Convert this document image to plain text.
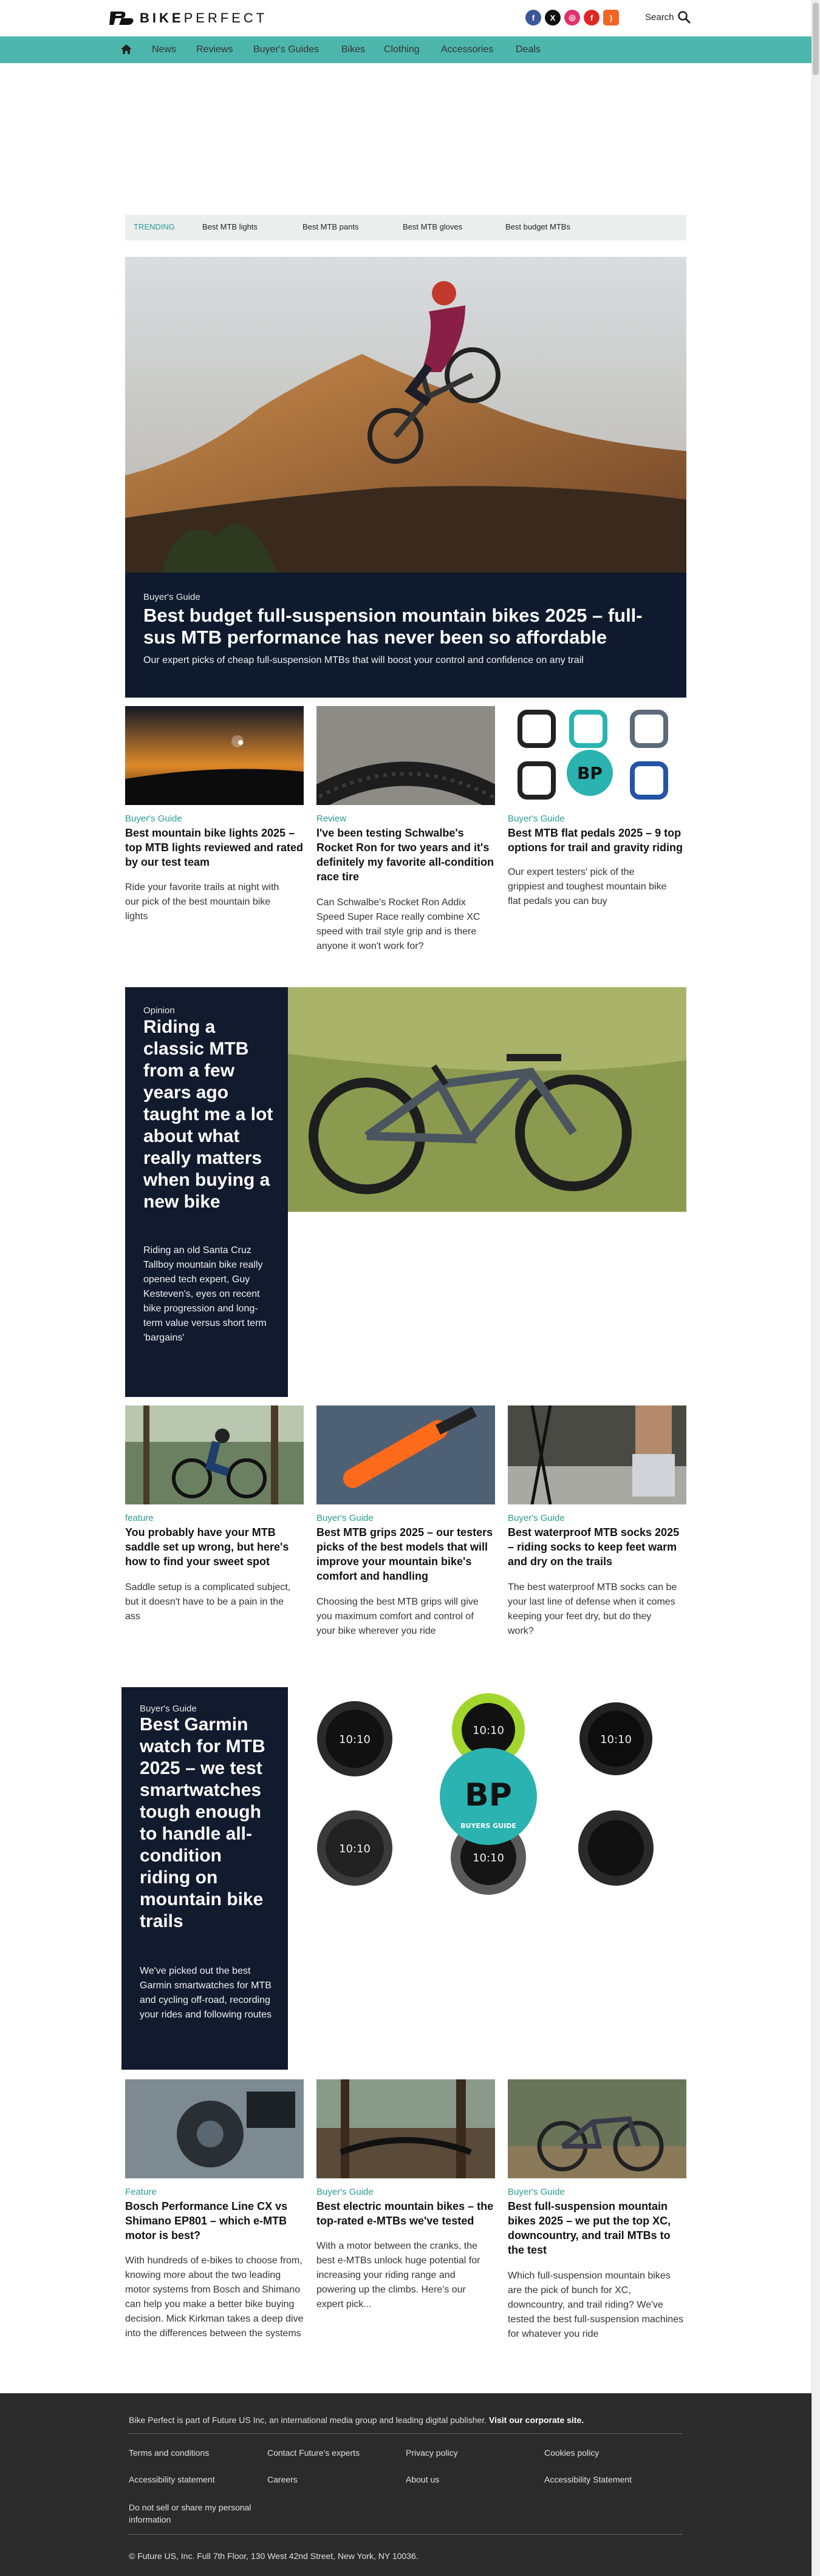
BIKEPERFECT	f X ◎ f )	Search
News Reviews Buyer's Guides Bikes Clothing Accessories Deals
TRENDING	Best MTB lights	Best MTB pants	Best MTB gloves	Best budget MTBs
Buyer's Guide
Best budget full-suspension mountain bikes 2025 – full-sus MTB performance has never been so affordable
Our expert picks of cheap full-suspension MTBs that will boost your control and confidence on any trail
BP
Buyer's Guide
Best mountain bike lights 2025 – top MTB lights reviewed and rated by our test team
Ride your favorite trails at night with our pick of the best mountain bike lights
Review
I've been testing Schwalbe's Rocket Ron for two years and it's definitely my favorite all-condition race tire
Can Schwalbe's Rocket Ron Addix Speed Super Race really combine XC speed with trail style grip and is there anyone it won't work for?
Buyer's Guide
Best MTB flat pedals 2025 – 9 top options for trail and gravity riding
Our expert testers' pick of the grippiest and toughest mountain bike flat pedals you can buy
Opinion
Riding a classic MTB from a few years ago taught me a lot about what really matters when buying a new bike
Riding an old Santa Cruz Tallboy mountain bike really opened tech expert, Guy Kesteven's, eyes on recent bike progression and long-term value versus short term 'bargains'
feature
You probably have your MTB saddle set up wrong, but here's how to find your sweet spot
Saddle setup is a complicated subject, but it doesn't have to be a pain in the ass
Buyer's Guide
Best MTB grips 2025 – our testers picks of the best models that will improve your mountain bike's comfort and handling
Choosing the best MTB grips will give you maximum comfort and control of your bike wherever you ride
Buyer's Guide
Best waterproof MTB socks 2025 – riding socks to keep feet warm and dry on the trails
The best waterproof MTB socks can be your last line of defense when it comes keeping your feet dry, but do they work?
Buyer's Guide
Best Garmin watch for MTB 2025 – we test smartwatches tough enough to handle all-condition riding on mountain bike trails
We've picked out the best Garmin smartwatches for MTB and cycling off-road, recording your rides and following routes
BP
BUYERS GUIDE
10:10
10:10
10:10
10:10
10:10
Feature
Bosch Performance Line CX vs Shimano EP801 – which e-MTB motor is best?
With hundreds of e-bikes to choose from, knowing more about the two leading motor systems from Bosch and Shimano can help you make a better bike buying decision. Mick Kirkman takes a deep dive into the differences between the systems
Buyer's Guide
Best electric mountain bikes – the top-rated e-MTBs we've tested
With a motor between the cranks, the best e-MTBs unlock huge potential for increasing your riding range and powering up the climbs. Here's our expert pick...
Buyer's Guide
Best full-suspension mountain bikes 2025 – we put the top XC, downcountry, and trail MTBs to the test
Which full-suspension mountain bikes are the pick of bunch for XC, downcountry, and trail riding? We've tested the best full-suspension machines for whatever you ride
Bike Perfect is part of Future US Inc, an international media group and leading digital publisher. Visit our corporate site.
Terms and conditions	Contact Future's experts	Privacy policy	Cookies policy
Accessibility statement	Careers	About us	Accessibility Statement
Do not sell or share my personal information
© Future US, Inc. Full 7th Floor, 130 West 42nd Street, New York, NY 10036.
